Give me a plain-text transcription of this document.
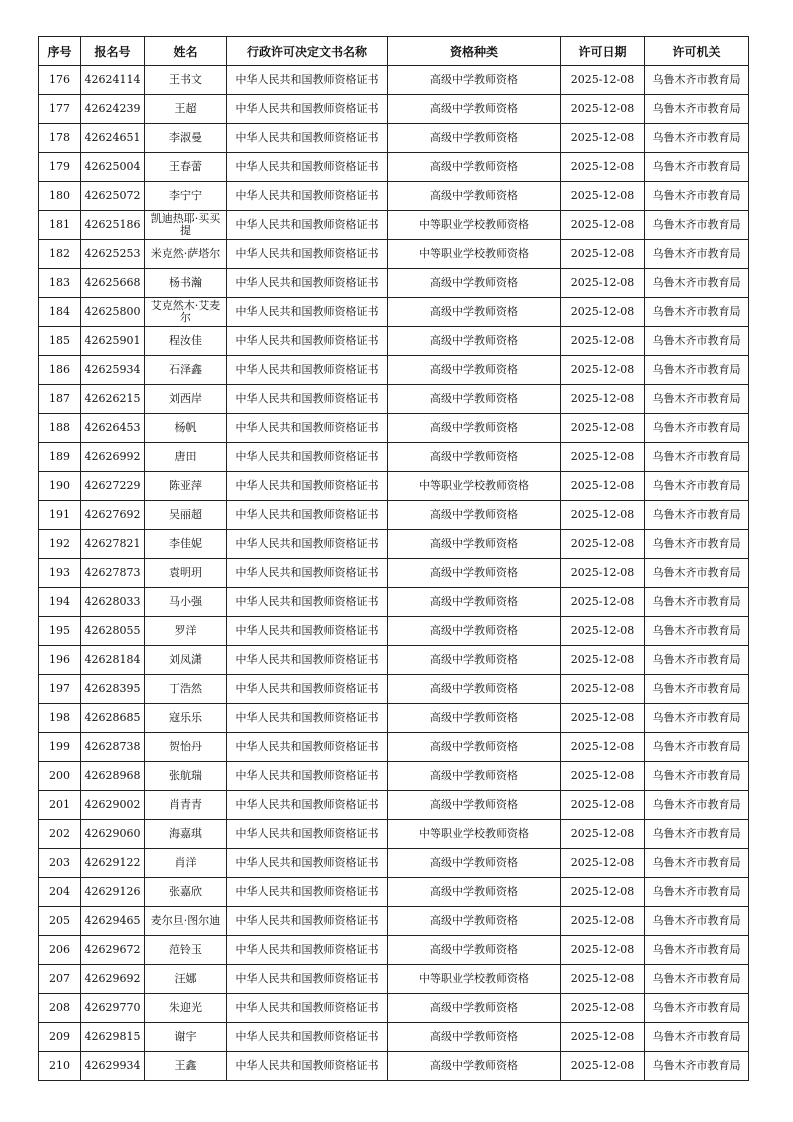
序号	报名号	姓名	行政许可决定文书名称	资格种类	许可日期	许可机关
176	42624114	王书文	中华人民共和国教师资格证书	高级中学教师资格	2025-12-08	乌鲁木齐市教育局
177	42624239	王超	中华人民共和国教师资格证书	高级中学教师资格	2025-12-08	乌鲁木齐市教育局
178	42624651	李淑曼	中华人民共和国教师资格证书	高级中学教师资格	2025-12-08	乌鲁木齐市教育局
179	42625004	王春蕾	中华人民共和国教师资格证书	高级中学教师资格	2025-12-08	乌鲁木齐市教育局
180	42625072	李宁宁	中华人民共和国教师资格证书	高级中学教师资格	2025-12-08	乌鲁木齐市教育局
181	42625186	凯迪热耶·买买提	中华人民共和国教师资格证书	中等职业学校教师资格	2025-12-08	乌鲁木齐市教育局
182	42625253	米克然·萨塔尔	中华人民共和国教师资格证书	中等职业学校教师资格	2025-12-08	乌鲁木齐市教育局
183	42625668	杨书瀚	中华人民共和国教师资格证书	高级中学教师资格	2025-12-08	乌鲁木齐市教育局
184	42625800	艾克然木·艾麦尔	中华人民共和国教师资格证书	高级中学教师资格	2025-12-08	乌鲁木齐市教育局
185	42625901	程汝佳	中华人民共和国教师资格证书	高级中学教师资格	2025-12-08	乌鲁木齐市教育局
186	42625934	石泽鑫	中华人民共和国教师资格证书	高级中学教师资格	2025-12-08	乌鲁木齐市教育局
187	42626215	刘西岸	中华人民共和国教师资格证书	高级中学教师资格	2025-12-08	乌鲁木齐市教育局
188	42626453	杨帆	中华人民共和国教师资格证书	高级中学教师资格	2025-12-08	乌鲁木齐市教育局
189	42626992	唐田	中华人民共和国教师资格证书	高级中学教师资格	2025-12-08	乌鲁木齐市教育局
190	42627229	陈亚萍	中华人民共和国教师资格证书	中等职业学校教师资格	2025-12-08	乌鲁木齐市教育局
191	42627692	吴丽超	中华人民共和国教师资格证书	高级中学教师资格	2025-12-08	乌鲁木齐市教育局
192	42627821	李佳妮	中华人民共和国教师资格证书	高级中学教师资格	2025-12-08	乌鲁木齐市教育局
193	42627873	袁明玥	中华人民共和国教师资格证书	高级中学教师资格	2025-12-08	乌鲁木齐市教育局
194	42628033	马小强	中华人民共和国教师资格证书	高级中学教师资格	2025-12-08	乌鲁木齐市教育局
195	42628055	罗洋	中华人民共和国教师资格证书	高级中学教师资格	2025-12-08	乌鲁木齐市教育局
196	42628184	刘凤潇	中华人民共和国教师资格证书	高级中学教师资格	2025-12-08	乌鲁木齐市教育局
197	42628395	丁浩然	中华人民共和国教师资格证书	高级中学教师资格	2025-12-08	乌鲁木齐市教育局
198	42628685	寇乐乐	中华人民共和国教师资格证书	高级中学教师资格	2025-12-08	乌鲁木齐市教育局
199	42628738	贺怡丹	中华人民共和国教师资格证书	高级中学教师资格	2025-12-08	乌鲁木齐市教育局
200	42628968	张航瑞	中华人民共和国教师资格证书	高级中学教师资格	2025-12-08	乌鲁木齐市教育局
201	42629002	肖青青	中华人民共和国教师资格证书	高级中学教师资格	2025-12-08	乌鲁木齐市教育局
202	42629060	海嘉琪	中华人民共和国教师资格证书	中等职业学校教师资格	2025-12-08	乌鲁木齐市教育局
203	42629122	肖洋	中华人民共和国教师资格证书	高级中学教师资格	2025-12-08	乌鲁木齐市教育局
204	42629126	张嘉欣	中华人民共和国教师资格证书	高级中学教师资格	2025-12-08	乌鲁木齐市教育局
205	42629465	麦尔旦·图尔迪	中华人民共和国教师资格证书	高级中学教师资格	2025-12-08	乌鲁木齐市教育局
206	42629672	范铃玉	中华人民共和国教师资格证书	高级中学教师资格	2025-12-08	乌鲁木齐市教育局
207	42629692	汪娜	中华人民共和国教师资格证书	中等职业学校教师资格	2025-12-08	乌鲁木齐市教育局
208	42629770	朱迎光	中华人民共和国教师资格证书	高级中学教师资格	2025-12-08	乌鲁木齐市教育局
209	42629815	谢宇	中华人民共和国教师资格证书	高级中学教师资格	2025-12-08	乌鲁木齐市教育局
210	42629934	王鑫	中华人民共和国教师资格证书	高级中学教师资格	2025-12-08	乌鲁木齐市教育局
